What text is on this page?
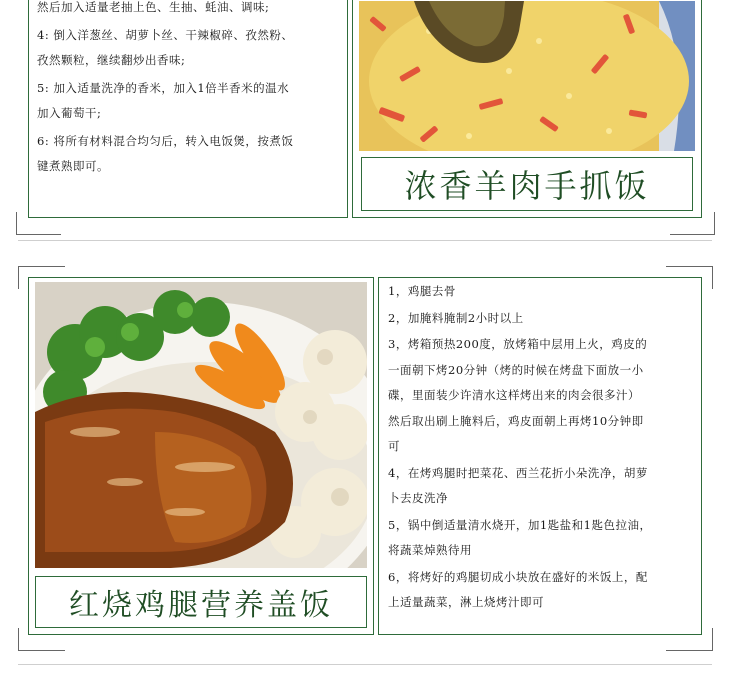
然后加入适量老抽上色、生抽、蚝油、调味;

4: 倒入洋葱丝、胡萝卜丝、干辣椒碎、孜然粉、

孜然颗粒，继续翻炒出香味;

5: 加入适量洗净的香米，加入1倍半香米的温水

加入葡萄干;

6: 将所有材料混合均匀后，转入电饭煲，按煮饭

键煮熟即可。

浓香羊肉手抓饭
红烧鸡腿营养盖饭

1，鸡腿去骨

2，加腌料腌制2小时以上

3，烤箱预热200度，放烤箱中层用上火，鸡皮的

一面朝下烤20分钟（烤的时候在烤盘下面放一小

碟，里面装少许清水这样烤出来的肉会很多汁）

然后取出刷上腌料后，鸡皮面朝上再烤10分钟即

可

4，在烤鸡腿时把菜花、西兰花折小朵洗净，胡萝

卜去皮洗净

5，锅中倒适量清水烧开，加1匙盐和1匙色拉油，

将蔬菜焯熟待用

6，将烤好的鸡腿切成小块放在盛好的米饭上，配

上适量蔬菜，淋上烧烤汁即可
